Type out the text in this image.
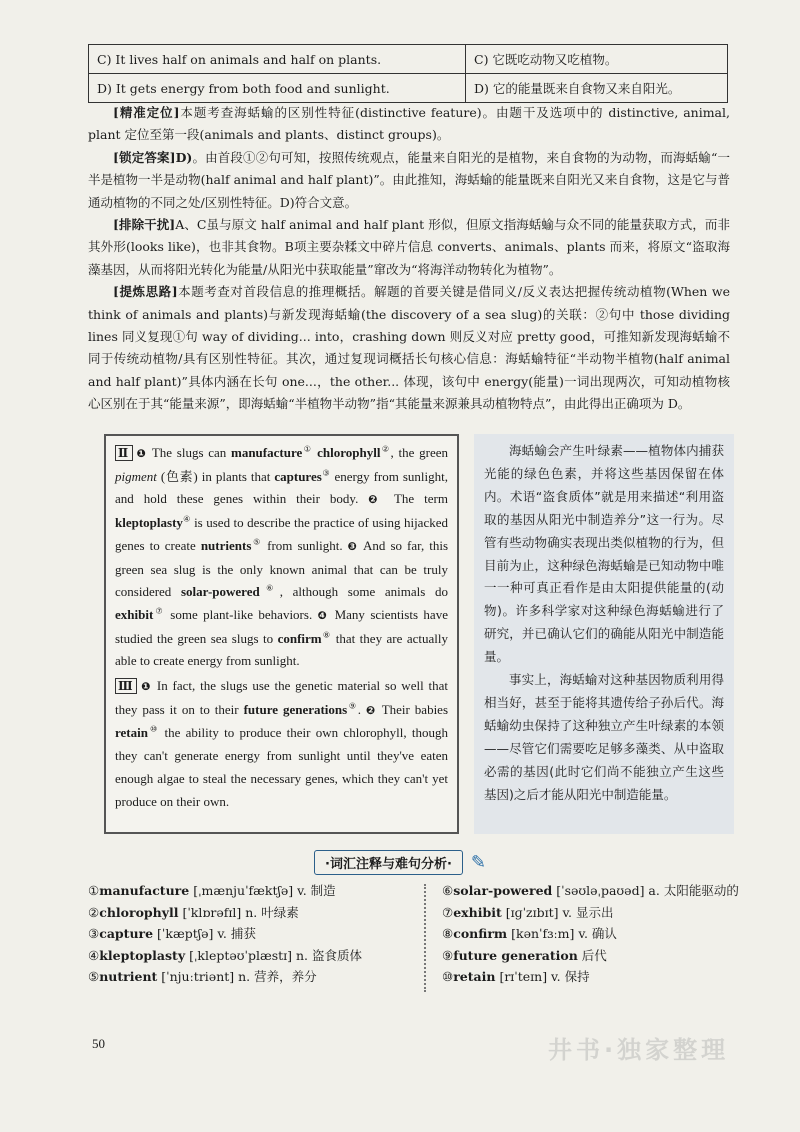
C) It lives half on animals and half on plants.	C) 它既吃动物又吃植物。
D) It gets energy from both food and sunlight.	D) 它的能量既来自食物又来自阳光。

[精准定位]本题考查海蛞蝓的区别性特征(distinctive feature)。由题干及选项中的 distinctive, animal, plant 定位至第一段(animals and plants、distinct groups)。

[锁定答案]D)。由首段①②句可知，按照传统观点，能量来自阳光的是植物，来自食物的为动物，而海蛞蝓“一半是植物一半是动物(half animal and half plant)”。由此推知，海蛞蝓的能量既来自阳光又来自食物，这是它与普通动植物的不同之处/区别性特征。D)符合文意。

[排除干扰]A、C虽与原文 half animal and half plant 形似，但原文指海蛞蝓与众不同的能量获取方式，而非其外形(looks like)，也非其食物。B项主要杂糅文中碎片信息 converts、animals、plants 而来，将原文“盗取海藻基因，从而将阳光转化为能量/从阳光中获取能量”窜改为“将海洋动物转化为植物”。

[提炼思路]本题考查对首段信息的推理概括。解题的首要关键是借同义/反义表达把握传统动植物(When we think of animals and plants)与新发现海蛞蝓(the discovery of a sea slug)的关联：②句中 those dividing lines 同义复现①句 way of dividing... into，crashing down 则反义对应 pretty good，可推知新发现海蛞蝓不同于传统动植物/具有区别性特征。其次，通过复现词概括长句核心信息：海蛞蝓特征“半动物半植物(half animal and half plant)”具体内涵在长句 one...，the other... 体现，该句中 energy(能量)一词出现两次，可知动植物核心区别在于其“能量来源”，即海蛞蝓“半植物半动物”指“其能量来源兼具动植物特点”，由此得出正确项为 D。

Ⅱ ❶ The slugs can manufacture① chlorophyll②, the green pigment (色素) in plants that captures③ energy from sunlight, and hold these genes within their body. ❷ The term kleptoplasty④ is used to describe the practice of using hijacked genes to create nutrients⑤ from sunlight. ❸ And so far, this green sea slug is the only known animal that can be truly considered solar-powered⑥, although some animals do exhibit⑦ some plant-like behaviors. ❹ Many scientists have studied the green sea slugs to confirm⑧ that they are actually able to create energy from sunlight.

Ⅲ ❶ In fact, the slugs use the genetic material so well that they pass it on to their future generations⑨. ❷ Their babies retain⑩ the ability to produce their own chlorophyll, though they can't generate energy from sunlight until they've eaten enough algae to steal the necessary genes, which they can't yet produce on their own.

海蛞蝓会产生叶绿素——植物体内捕获光能的绿色色素，并将这些基因保留在体内。术语“盗食质体”就是用来描述“利用盗取的基因从阳光中制造养分”这一行为。尽管有些动物确实表现出类似植物的行为，但目前为止，这种绿色海蛞蝓是已知动物中唯一一种可真正看作是由太阳提供能量的(动物)。许多科学家对这种绿色海蛞蝓进行了研究，并已确认它们的确能从阳光中制造能量。

事实上，海蛞蝓对这种基因物质利用得相当好，甚至于能将其遗传给子孙后代。海蛞蝓幼虫保持了这种独立产生叶绿素的本领——尽管它们需要吃足够多藻类、从中盗取必需的基因(此时它们尚不能独立产生这些基因)之后才能从阳光中制造能量。

·词汇注释与难句分析·	✎
①manufacture [ˌmænjuˈfæktʃə] v. 制造
②chlorophyll [ˈklɒrəfɪl] n. 叶绿素
③capture [ˈkæptʃə] v. 捕获
④kleptoplasty [ˌkleptəʊˈplæstɪ] n. 盗食质体
⑤nutrient [ˈnjuːtriənt] n. 营养，养分
⑥solar-powered [ˈsəʊləˌpaʊəd] a. 太阳能驱动的
⑦exhibit [ɪɡˈzɪbɪt] v. 显示出
⑧confirm [kənˈfɜːm] v. 确认
⑨future generation 后代
⑩retain [rɪˈteɪn] v. 保持
50	井书·独家整理
